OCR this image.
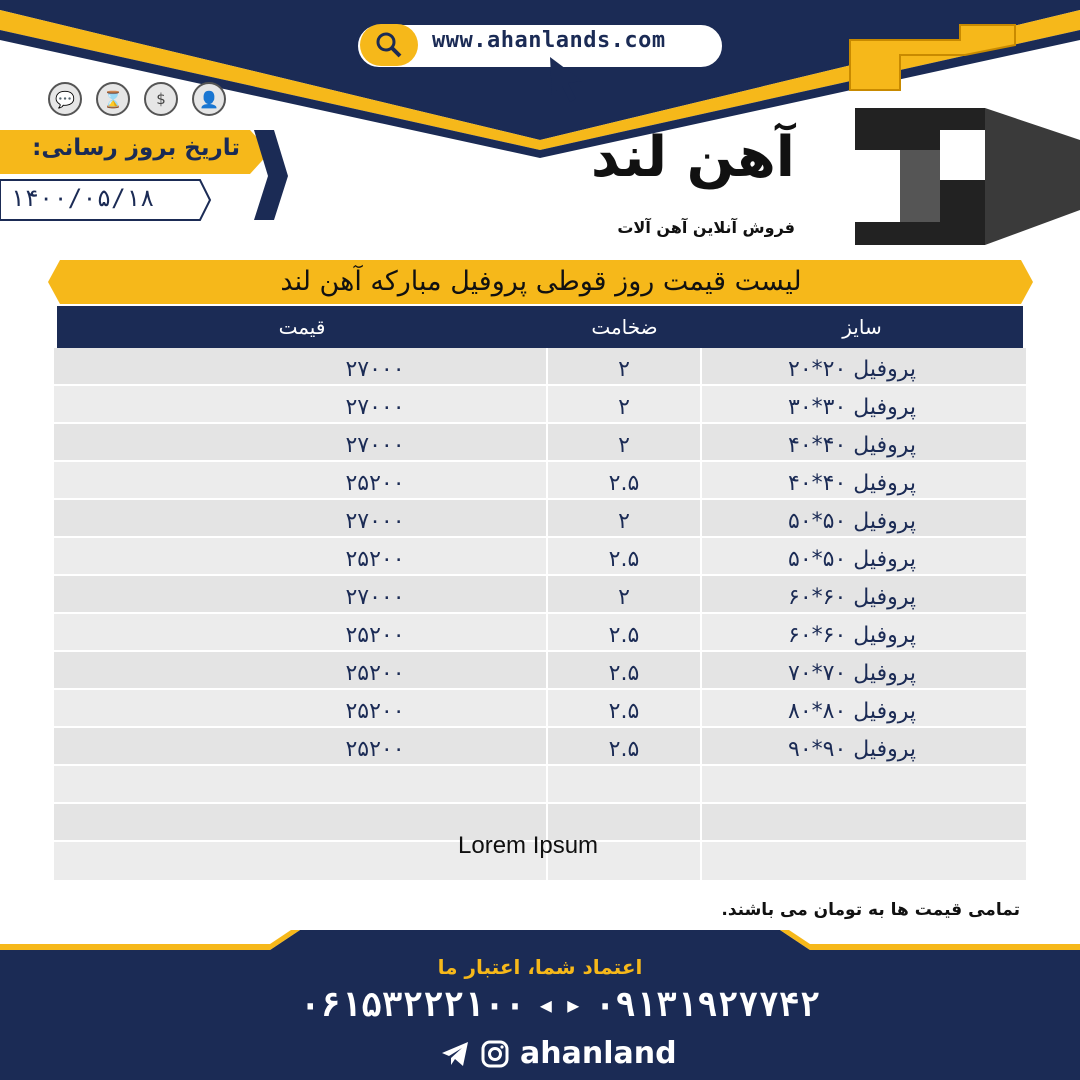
www.ahanlands.com
💬 ⌛ $ 👤
تاریخ بروز رسانی:
۱۴۰۰/۰۵/۱۸
آهن لند
فروش آنلاین آهن آلات
لیست قیمت روز قوطی پروفیل مبارکه آهن لند
سایز
ضخامت
قیمت
پروفیل ۲۰*۲۰
۲
۲۷۰۰۰
پروفیل ۳۰*۳۰
۲
۲۷۰۰۰
پروفیل ۴۰*۴۰
۲
۲۷۰۰۰
پروفیل ۴۰*۴۰
۲.۵
۲۵۲۰۰
پروفیل ۵۰*۵۰
۲
۲۷۰۰۰
پروفیل ۵۰*۵۰
۲.۵
۲۵۲۰۰
پروفیل ۶۰*۶۰
۲
۲۷۰۰۰
پروفیل ۶۰*۶۰
۲.۵
۲۵۲۰۰
پروفیل ۷۰*۷۰
۲.۵
۲۵۲۰۰
پروفیل ۸۰*۸۰
۲.۵
۲۵۲۰۰
پروفیل ۹۰*۹۰
۲.۵
۲۵۲۰۰
Lorem Ipsum
تمامی قیمت ها به تومان می باشند.
اعتماد شما، اعتبار ما
۰۶۱۵۳۲۲۲۱۰۰ ◀ ▶ ۰۹۱۳۱۹۲۷۷۴۲
ahanland
